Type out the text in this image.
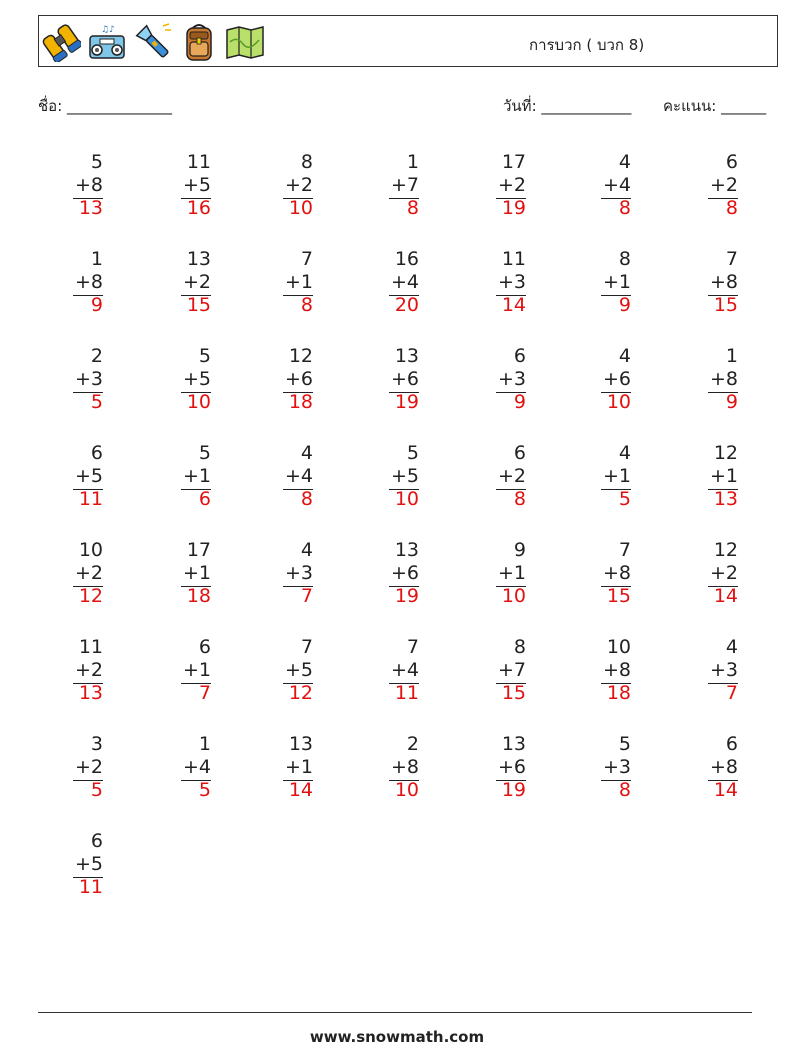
♫♪
การบวก ( บวก 8)
ชื่อ: ______________	วันที่: ____________ คะแนน: ______
5
+ 8
13
11
+ 5
16
8
+ 2
10
1
+ 7
8
17
+ 2
19
4
+ 4
8
6
+ 2
8
1
+ 8
9
13
+ 2
15
7
+ 1
8
16
+ 4
20
11
+ 3
14
8
+ 1
9
7
+ 8
15
2
+ 3
5
5
+ 5
10
12
+ 6
18
13
+ 6
19
6
+ 3
9
4
+ 6
10
1
+ 8
9
6
+ 5
11
5
+ 1
6
4
+ 4
8
5
+ 5
10
6
+ 2
8
4
+ 1
5
12
+ 1
13
10
+ 2
12
17
+ 1
18
4
+ 3
7
13
+ 6
19
9
+ 1
10
7
+ 8
15
12
+ 2
14
11
+ 2
13
6
+ 1
7
7
+ 5
12
7
+ 4
11
8
+ 7
15
10
+ 8
18
4
+ 3
7
3
+ 2
5
1
+ 4
5
13
+ 1
14
2
+ 8
10
13
+ 6
19
5
+ 3
8
6
+ 8
14
6
+ 5
11
www.snowmath.com
